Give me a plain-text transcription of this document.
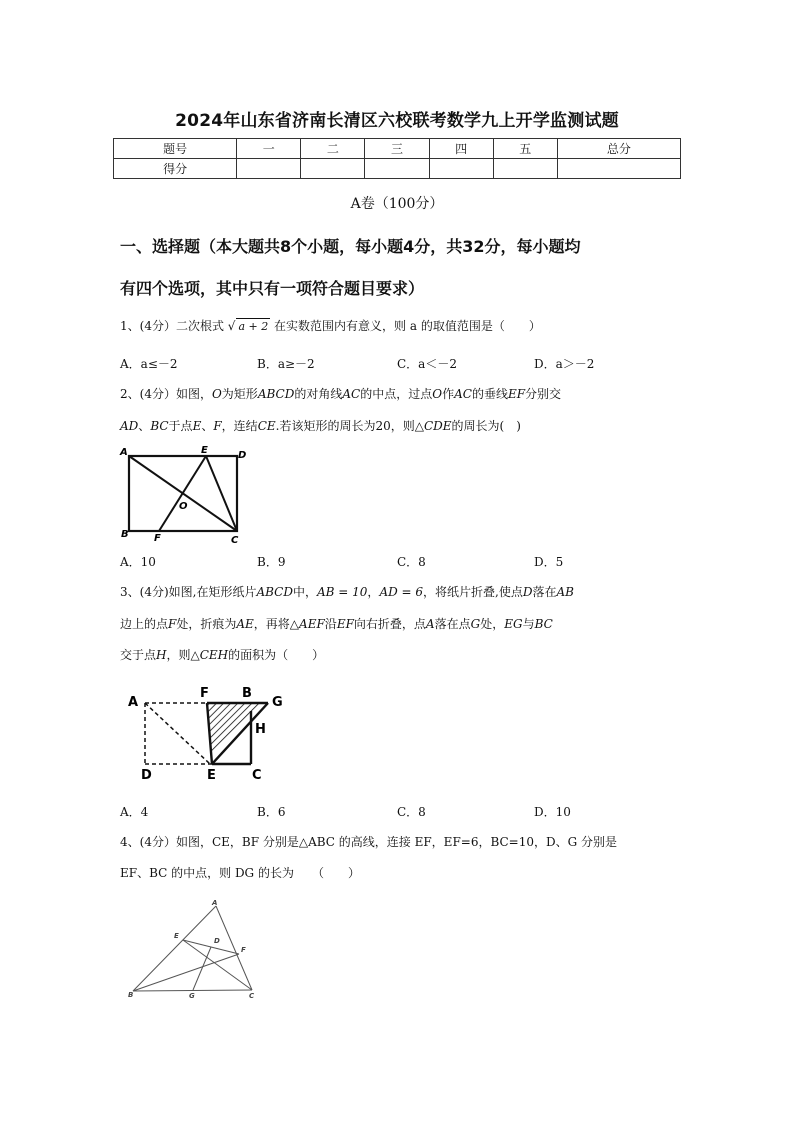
2024年山东省济南长清区六校联考数学九上开学监测试题
题号	一	二	三	四	五	总分
得分						
A卷（100分）
一、选择题（本大题共8个小题，每小题4分，共32分，每小题均
有四个选项，其中只有一项符合题目要求）
1、(4分）二次根式 √ a + 2 在实数范围内有意义，则 a 的取值范围是（　　）
A．a≤－2	B．a≥－2	C．a＜－2	D．a＞－2
2、(4分）如图，O为矩形ABCD的对角线AC的中点，过点O作AC的垂线EF分别交
AD、BC于点E、F，连结CE.若该矩形的周长为20，则△CDE的周长为(　)
A	E	D
O
B	F	C
A．10	B．9	C．8	D．5
3、(4分)如图,在矩形纸片ABCD中，AB = 10，AD = 6，将纸片折叠,使点D落在AB
边上的点F处，折痕为AE，再将△AEF沿EF向右折叠，点A落在点G处，EG与BC
交于点H，则△CEH的面积为（　　）
A
F	B
G
H
D	E	C
A．4	B．6	C．8	D．10
4、(4分）如图，CE，BF 分别是△ABC 的高线，连接 EF，EF=6，BC=10，D、G 分别是
EF、BC 的中点，则 DG 的长为　　（　　）
A
E
D
F
B	G	C
